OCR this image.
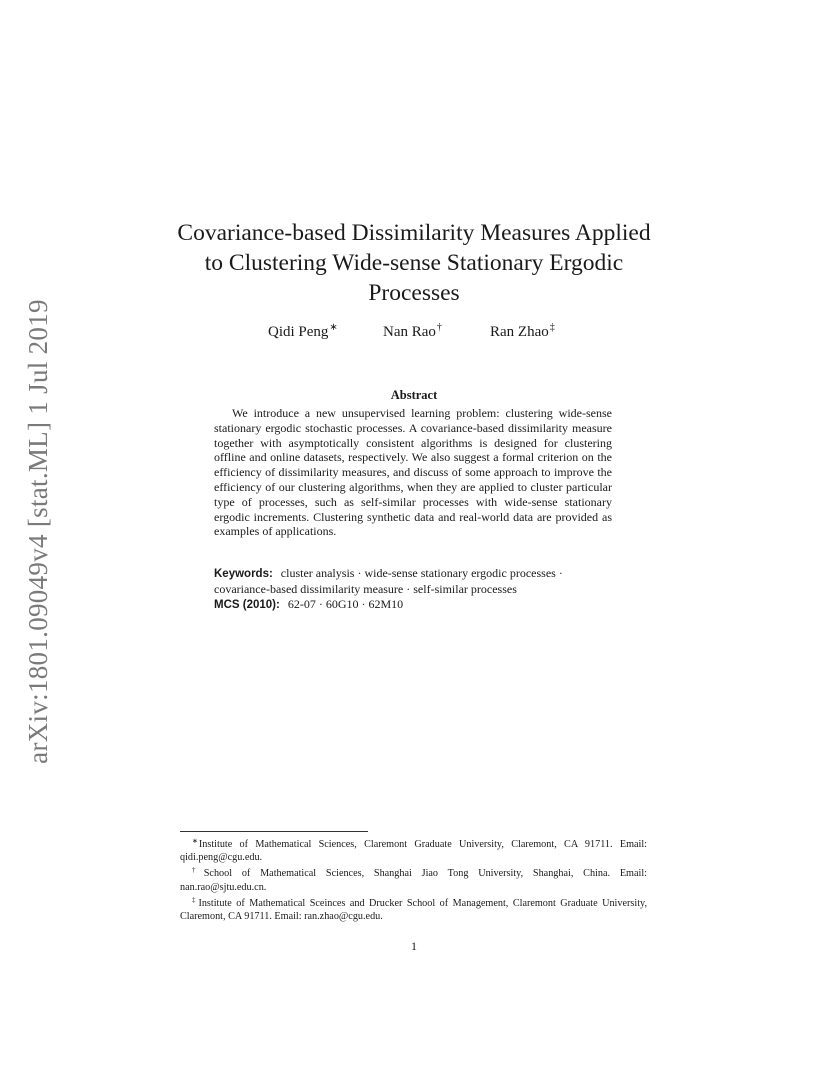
arXiv:1801.09049v4 [stat.ML] 1 Jul 2019
Covariance-based Dissimilarity Measures Applied
to Clustering Wide-sense Stationary Ergodic
Processes
Qidi Peng∗	Nan Rao†	Ran Zhao‡
Abstract

We introduce a new unsupervised learning problem: clustering wide-sense stationary ergodic stochastic processes. A covariance-based dissimilarity measure together with asymptotically consistent algorithms is designed for clustering offline and online datasets, respectively. We also suggest a formal criterion on the efficiency of dissimilarity measures, and discuss of some approach to improve the efficiency of our clustering algorithms, when they are applied to cluster particular type of processes, such as self-similar processes with wide-sense stationary ergodic increments. Clustering synthetic data and real-world data are provided as examples of applications.

Keywords: cluster analysis · wide-sense stationary ergodic processes · covariance-based dissimilarity measure · self-similar processes
MCS (2010): 62-07 · 60G10 · 62M10

∗Institute of Mathematical Sciences, Claremont Graduate University, Claremont, CA 91711. Email: qidi.peng@cgu.edu.

†School of Mathematical Sciences, Shanghai Jiao Tong University, Shanghai, China. Email: nan.rao@sjtu.edu.cn.

‡Institute of Mathematical Sceinces and Drucker School of Management, Claremont Graduate University, Claremont, CA 91711. Email: ran.zhao@cgu.edu.

1
